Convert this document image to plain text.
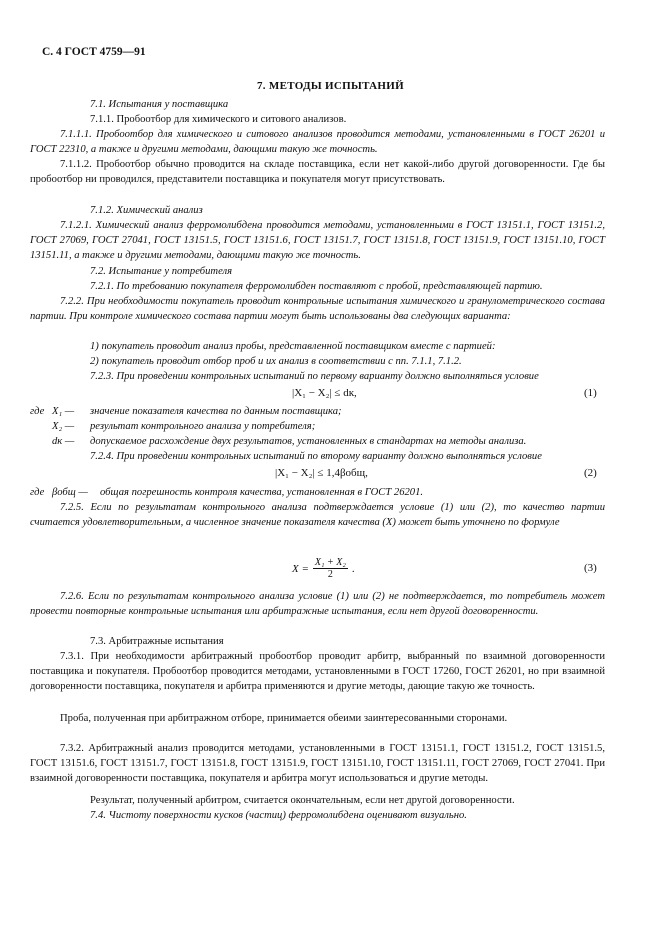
С. 4 ГОСТ 4759—91
7. МЕТОДЫ ИСПЫТАНИЙ

7.1. Испытания у поставщика

7.1.1. Пробоотбор для химического и ситового анализов.

7.1.1.1. Пробоотбор для химического и ситового анализов проводится методами, установленными в ГОСТ 26201 и ГОСТ 22310, а также и другими методами, дающими такую же точность.

7.1.1.2. Пробоотбор обычно проводится на складе поставщика, если нет какой-либо другой договоренности. Где бы пробоотбор ни проводился, представители поставщика и покупателя могут присутствовать.

7.1.2. Химический анализ

7.1.2.1. Химический анализ ферромолибдена проводится методами, установленными в ГОСТ 13151.1, ГОСТ 13151.2, ГОСТ 27069, ГОСТ 27041, ГОСТ 13151.5, ГОСТ 13151.6, ГОСТ 13151.7, ГОСТ 13151.8, ГОСТ 13151.9, ГОСТ 13151.10, ГОСТ 13151.11, а также и другими методами, дающими такую же точность.

7.2. Испытание у потребителя

7.2.1. По требованию покупателя ферромолибден поставляют с пробой, представляющей партию.

7.2.2. При необходимости покупатель проводит контрольные испытания химического и гранулометрического состава партии. При контроле химического состава партии могут быть использованы два следующих варианта:

1) покупатель проводит анализ пробы, представленной поставщиком вместе с партией:

2) покупатель проводит отбор проб и их анализ в соответствии с пп. 7.1.1, 7.1.2.

7.2.3. При проведении контрольных испытаний по первому варианту должно выполняться условие

|X₁ − X₂| ≤ dк,	(1)
где X₁ — значение показателя качества по данным поставщика;
X₂ — результат контрольного анализа у потребителя;
dк — допускаемое расхождение двух результатов, установленных в стандартах на методы анализа.

7.2.4. При проведении контрольных испытаний по второму варианту должно выполняться условие

|X₁ − X₂| ≤ 1,4βобщ,	(2)
где βобщ — общая погрешность контроля качества, установленная в ГОСТ 26201.

7.2.5. Если по результатам контрольного анализа подтверждается условие (1) или (2), то качество партии считается удовлетворительным, а численное значение показателя качества (X) может быть уточнено по формуле

$X = \frac{\text{X₁ + X₂}}{2}$ .	(3)

7.2.6. Если по результатам контрольного анализа условие (1) или (2) не подтверждается, то потребитель может провести повторные контрольные испытания или арбитражные испытания, если нет другой договоренности.

7.3. Арбитражные испытания

7.3.1. При необходимости арбитражный пробоотбор проводит арбитр, выбранный по взаимной договоренности поставщика и покупателя. Пробоотбор проводится методами, установленными в ГОСТ 17260, ГОСТ 26201, но при взаимной договоренности поставщика, покупателя и арбитра применяются и другие методы, дающие такую же точность.

Проба, полученная при арбитражном отборе, принимается обеими заинтересованными сторонами.

7.3.2. Арбитражный анализ проводится методами, установленными в ГОСТ 13151.1, ГОСТ 13151.2, ГОСТ 13151.5, ГОСТ 13151.6, ГОСТ 13151.7, ГОСТ 13151.8, ГОСТ 13151.9, ГОСТ 13151.10, ГОСТ 13151.11, ГОСТ 27069, ГОСТ 27041. При взаимной договоренности поставщика, покупателя и арбитра могут использоваться и другие методы.

Результат, полученный арбитром, считается окончательным, если нет другой договоренности.

7.4. Чистоту поверхности кусков (частиц) ферромолибдена оценивают визуально.
